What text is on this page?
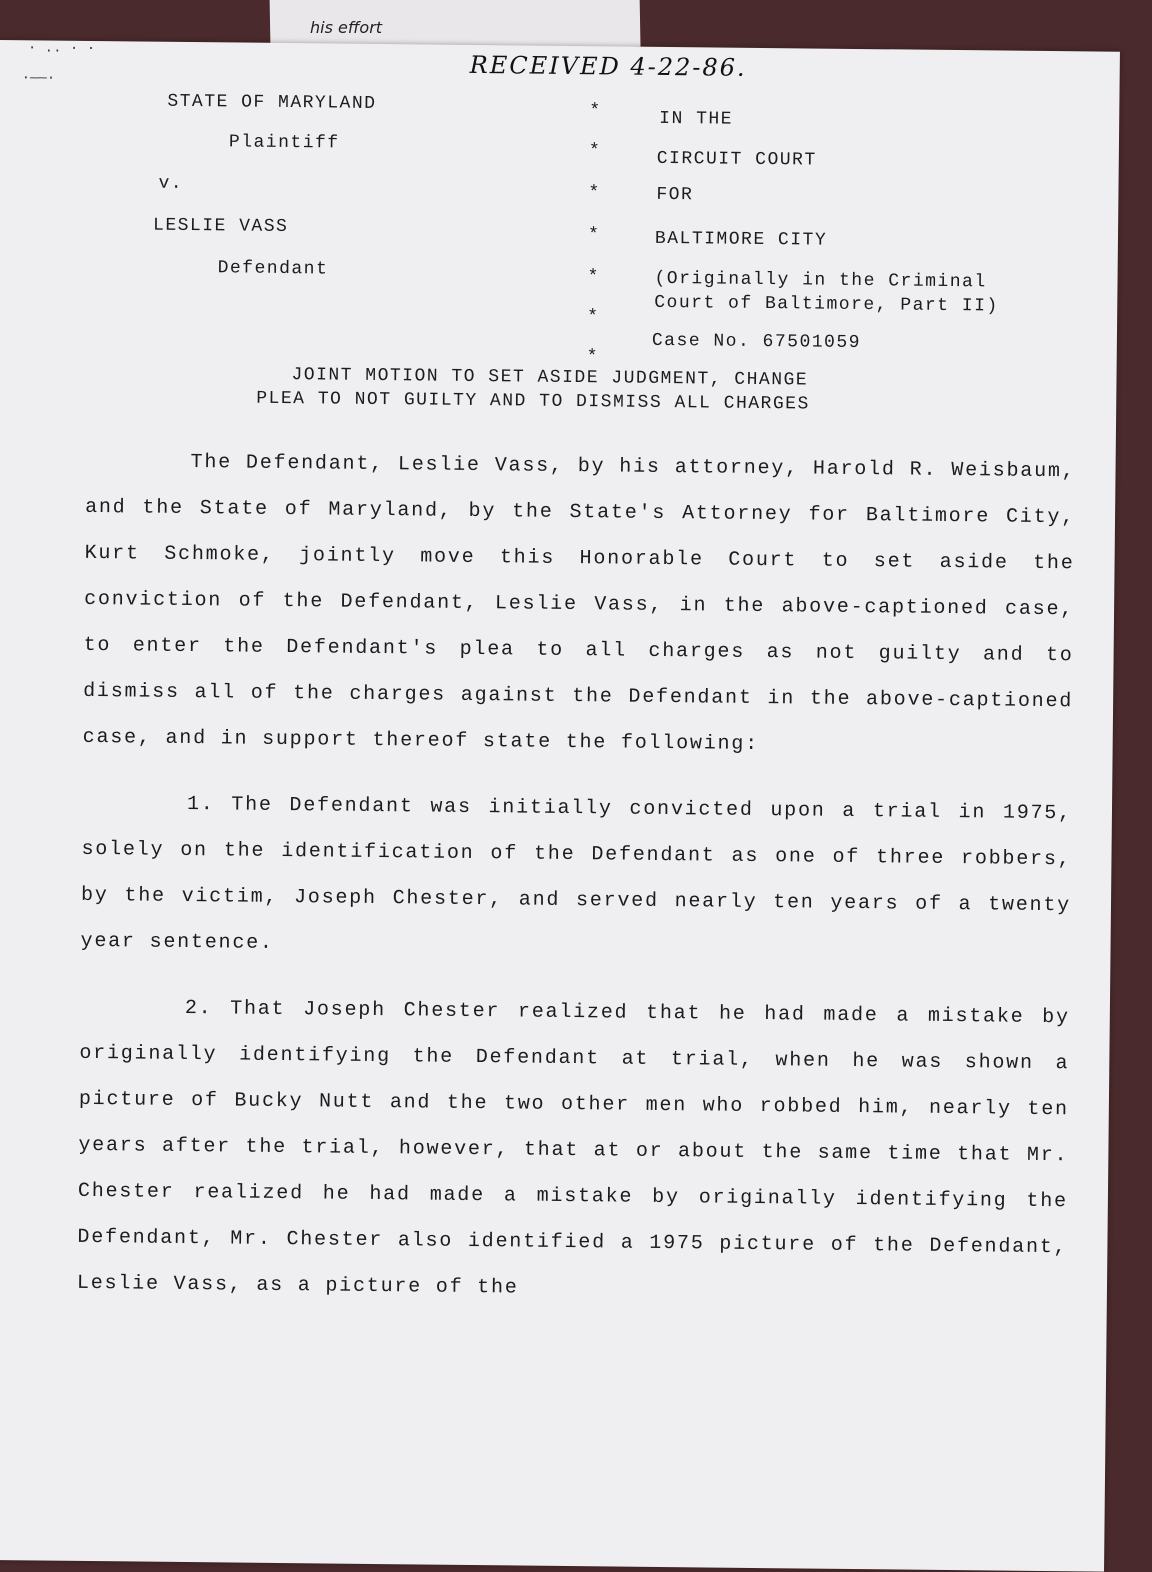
his effort
RECEIVED 4-22-86.
STATE OF MARYLAND
Plaintiff
v.
LESLIE VASS
Defendant
*
*
*
*
*
*
*
IN THE
CIRCUIT COURT
FOR
BALTIMORE CITY
(Originally in the Criminal
Court of Baltimore, Part II)
Case No. 67501059
JOINT MOTION TO SET ASIDE JUDGMENT, CHANGE
PLEA TO NOT GUILTY AND TO DISMISS ALL CHARGES

The Defendant, Leslie Vass, by his attorney, Harold R. Weisbaum, and the State of Maryland, by the State's Attorney for Baltimore City, Kurt Schmoke, jointly move this Honorable Court to set aside the conviction of the Defendant, Leslie Vass, in the above-captioned case, to enter the Defendant's plea to all charges as not guilty and to dismiss all of the charges against the Defendant in the above-captioned case, and in support thereof state the following:

1. The Defendant was initially convicted upon a trial in 1975, solely on the identification of the Defendant as one of three robbers, by the victim, Joseph Chester, and served nearly ten years of a twenty year sentence.

2. That Joseph Chester realized that he had made a mistake by originally identifying the Defendant at trial, when he was shown a picture of Bucky Nutt and the two other men who robbed him, nearly ten years after the trial, however, that at or about the same time that Mr. Chester realized he had made a mistake by originally identifying the Defendant, Mr. Chester also identified a 1975 picture of the Defendant, Leslie Vass, as a picture of the

· .. · ·
·——·
